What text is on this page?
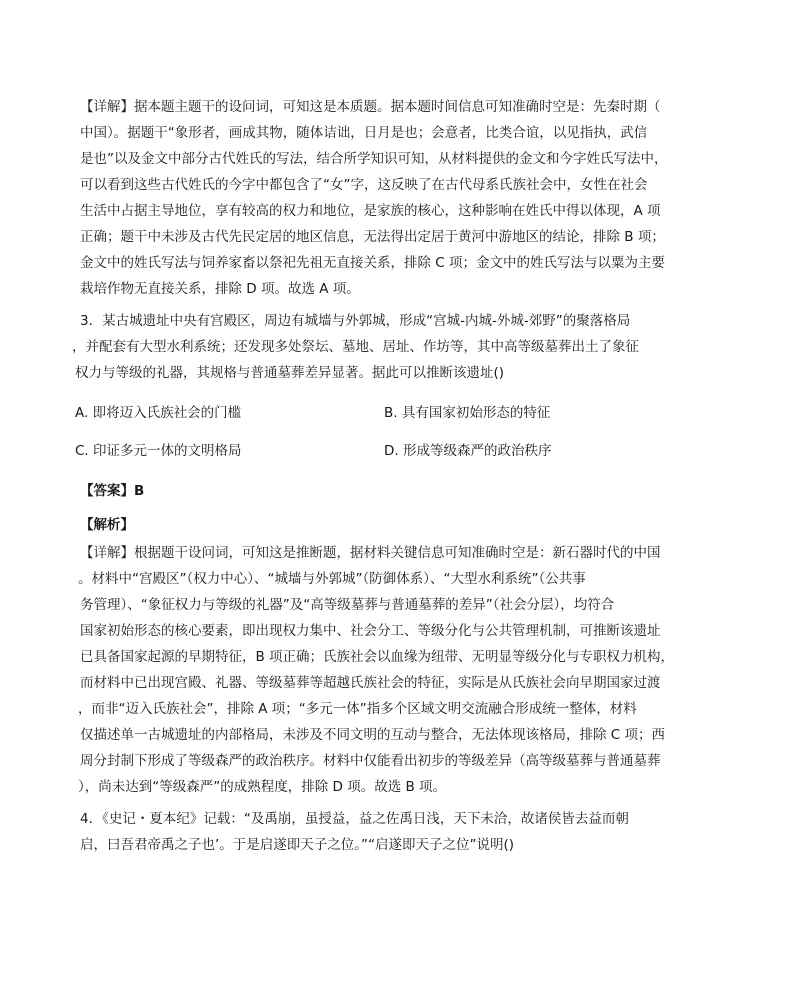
【详解】据本题主题干的设问词，可知这是本质题。据本题时间信息可知准确时空是：先秦时期（
中国）。据题干“象形者，画成其物，随体诘诎，日月是也；会意者，比类合谊，以见指执，武信
是也”以及金文中部分古代姓氏的写法，结合所学知识可知，从材料提供的金文和今字姓氏写法中，
可以看到这些古代姓氏的今字中都包含了“女”字，这反映了在古代母系氏族社会中，女性在社会
生活中占据主导地位，享有较高的权力和地位，是家族的核心，这种影响在姓氏中得以体现，A 项
正确；题干中未涉及古代先民定居的地区信息，无法得出定居于黄河中游地区的结论，排除 B 项；
金文中的姓氏写法与饲养家畜以祭祀先祖无直接关系，排除 C 项；金文中的姓氏写法与以粟为主要
栽培作物无直接关系，排除 D 项。故选 A 项。
3．某古城遗址中央有宫殿区，周边有城墙与外郭城，形成“宫城-内城-外城-郊野”的聚落格局
，并配套有大型水利系统；还发现多处祭坛、墓地、居址、作坊等，其中高等级墓葬出土了象征
权力与等级的礼器，其规格与普通墓葬差异显著。据此可以推断该遗址()
A. 即将迈入氏族社会的门槛	B. 具有国家初始形态的特征
C. 印证多元一体的文明格局	D. 形成等级森严的政治秩序
【答案】B
【解析】
【详解】根据题干设问词，可知这是推断题，据材料关键信息可知准确时空是：新石器时代的中国
。材料中“宫殿区”（权力中心）、“城墙与外郭城”（防御体系）、“大型水利系统”（公共事
务管理）、“象征权力与等级的礼器”及“高等级墓葬与普通墓葬的差异”（社会分层），均符合
国家初始形态的核心要素，即出现权力集中、社会分工、等级分化与公共管理机制，可推断该遗址
已具备国家起源的早期特征，B 项正确；氏族社会以血缘为纽带、无明显等级分化与专职权力机构，
而材料中已出现宫殿、礼器、等级墓葬等超越氏族社会的特征，实际是从氏族社会向早期国家过渡
，而非“迈入氏族社会”，排除 A 项；“多元一体”指多个区域文明交流融合形成统一整体，材料
仅描述单一古城遗址的内部格局，未涉及不同文明的互动与整合，无法体现该格局，排除 C 项；西
周分封制下形成了等级森严的政治秩序。材料中仅能看出初步的等级差异（高等级墓葬与普通墓葬
），尚未达到“等级森严”的成熟程度，排除 D 项。故选 B 项。
4．《史记・夏本纪》记载：“及禹崩，虽授益，益之佐禹日浅，天下未洽，故诸侯皆去益而朝
启，曰吾君帝禹之子也’。于是启遂即天子之位。”“启遂即天子之位”说明()
